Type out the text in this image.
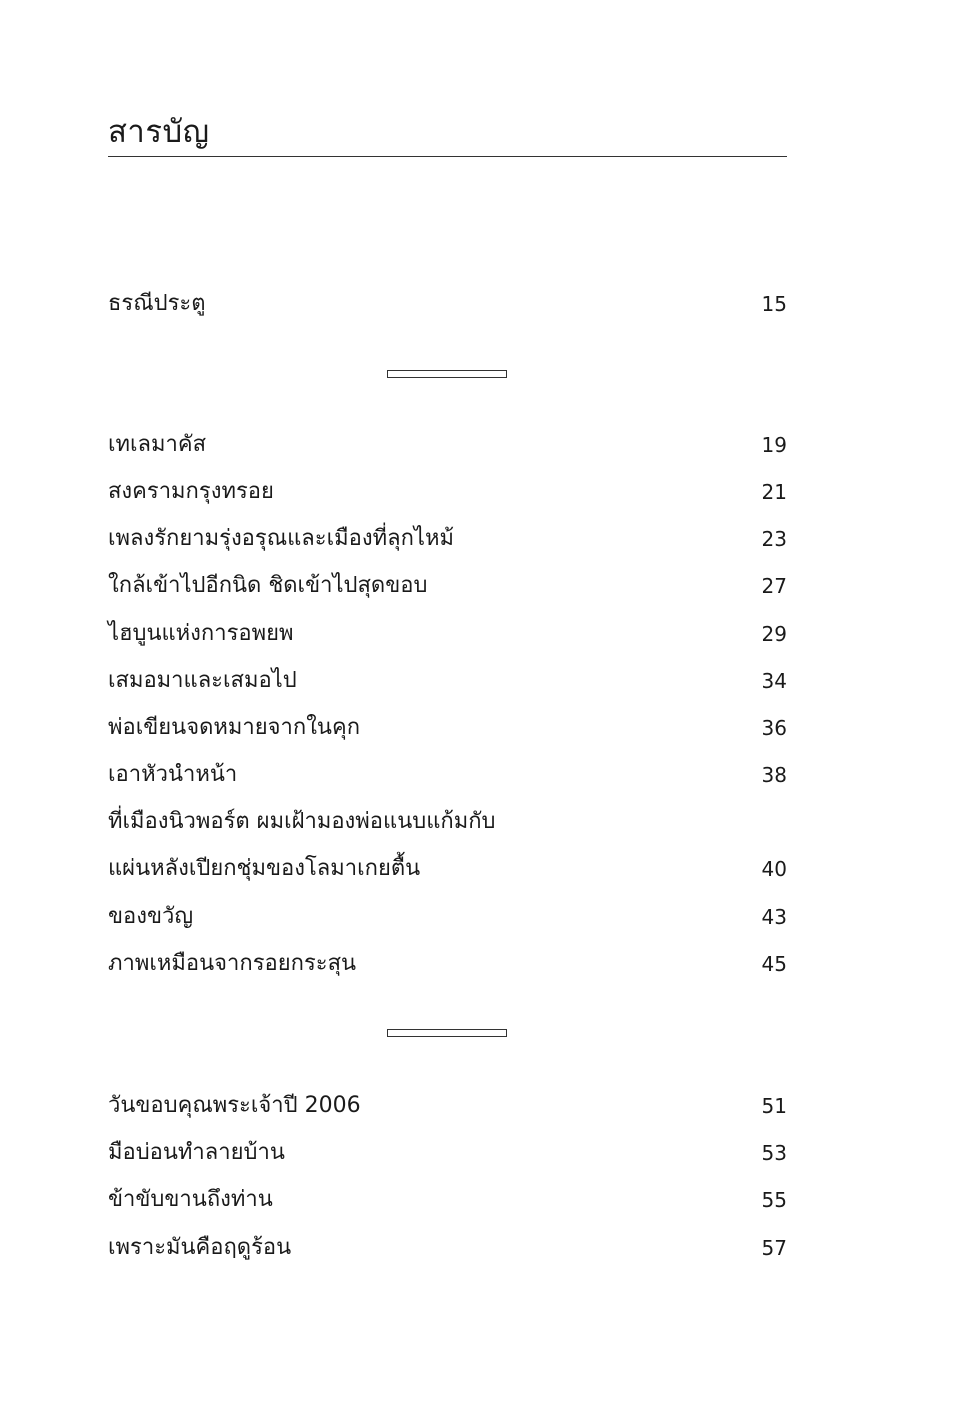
สารบัญ
ธรณีประตู	15
เทเลมาคัส	19
สงครามกรุงทรอย	21
เพลงรักยามรุ่งอรุณและเมืองที่ลุกไหม้	23
ใกล้เข้าไปอีกนิด ชิดเข้าไปสุดขอบ	27
ไฮบูนแห่งการอพยพ	29
เสมอมาและเสมอไป	34
พ่อเขียนจดหมายจากในคุก	36
เอาหัวนำหน้า	38
ที่เมืองนิวพอร์ต ผมเฝ้ามองพ่อแนบแก้มกับ
แผ่นหลังเปียกชุ่มของโลมาเกยตื้น	40
ของขวัญ	43
ภาพเหมือนจากรอยกระสุน	45
วันขอบคุณพระเจ้าปี 2006	51
มือบ่อนทำลายบ้าน	53
ข้าขับขานถึงท่าน	55
เพราะมันคือฤดูร้อน	57
